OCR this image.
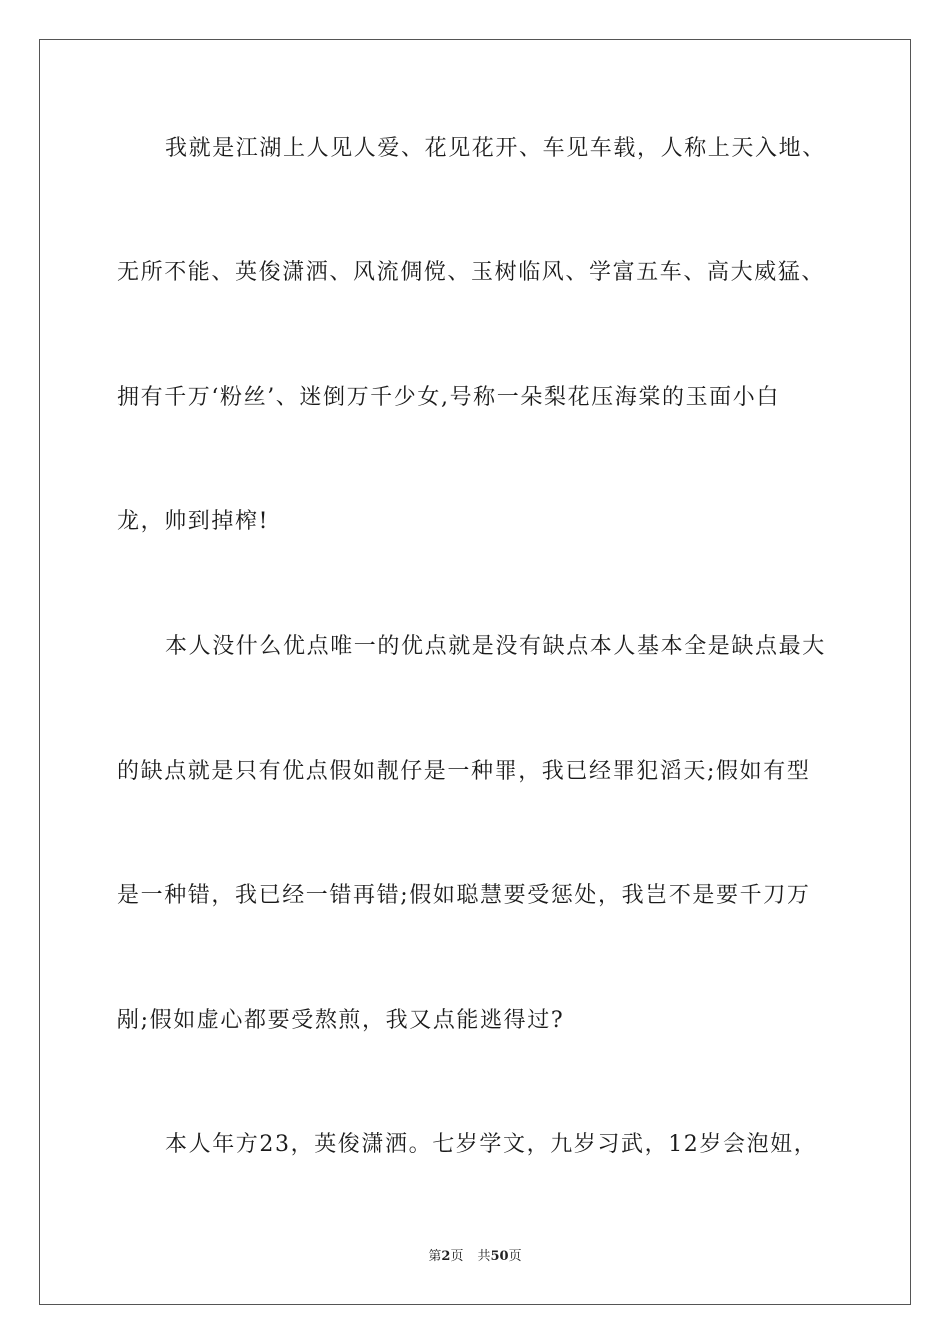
我就是江湖上人见人爱、花见花开、车见车载，人称上天入地、
无所不能、英俊潇洒、风流倜傥、玉树临风、学富五车、高大威猛、
拥有千万‘粉丝’、迷倒万千少女,号称一朵梨花压海棠的玉面小白
龙，帅到掉榨!
本人没什么优点唯一的优点就是没有缺点本人基本全是缺点最大
的缺点就是只有优点假如靓仔是一种罪，我已经罪犯滔天;假如有型
是一种错，我已经一错再错;假如聪慧要受惩处，我岂不是要千刀万
剐;假如虚心都要受熬煎，我又点能逃得过?
本人年方23，英俊潇洒。七岁学文，九岁习武，12岁会泡妞，
第2页 共50页
